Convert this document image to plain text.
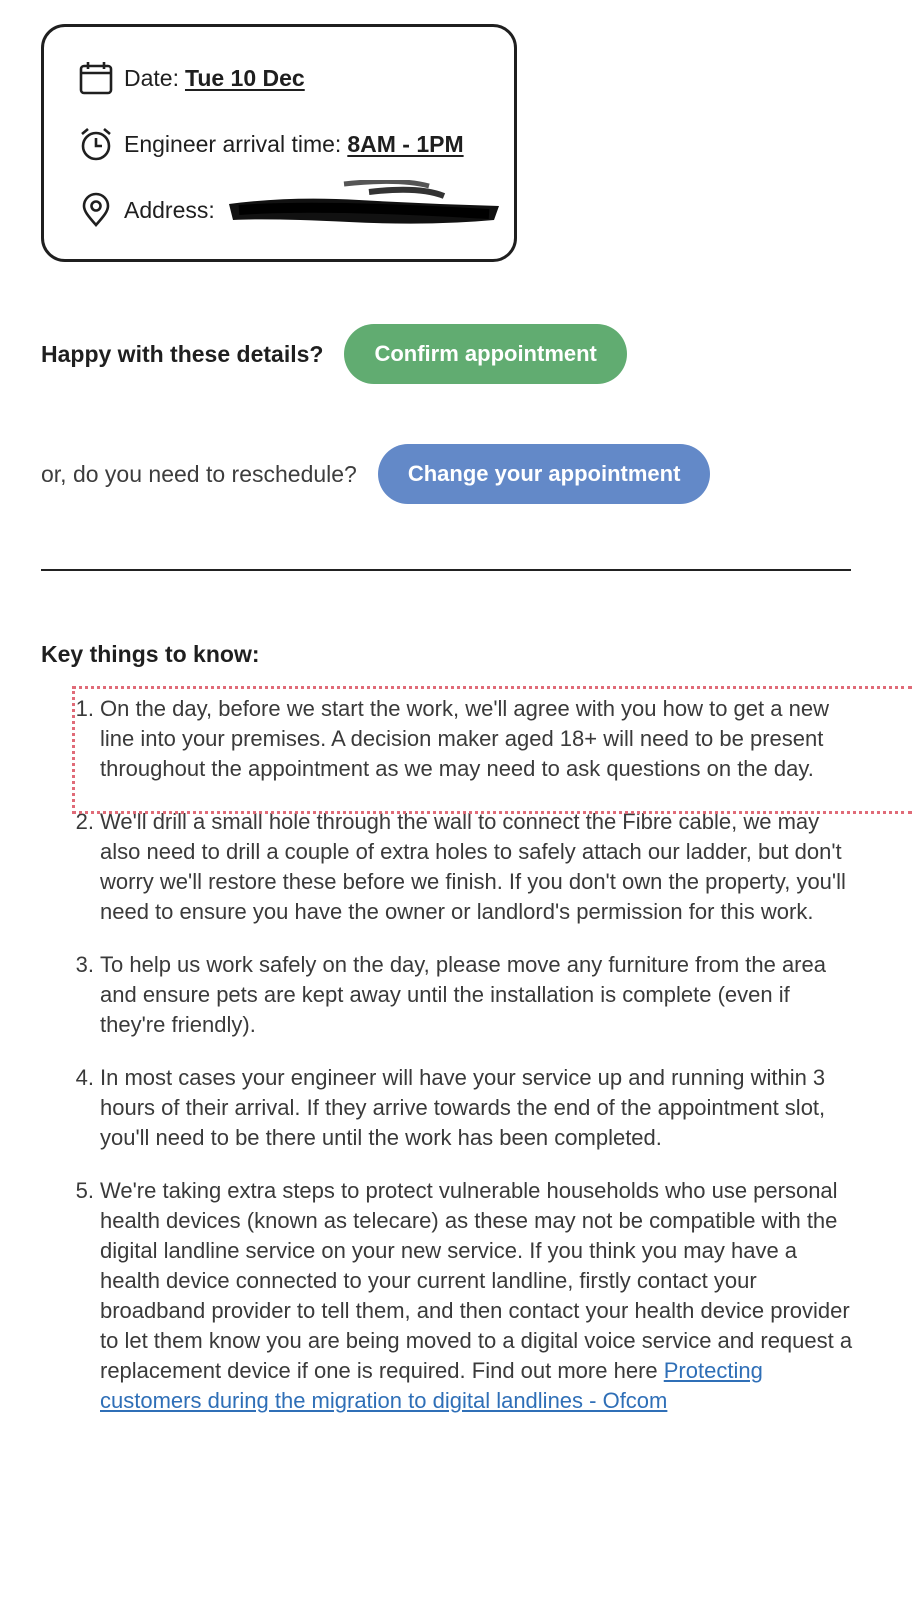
Date: Tue 10 Dec
Engineer arrival time: 8AM - 1PM
Address:
Happy with these details?	Confirm appointment
or, do you need to reschedule?	Change your appointment
Key things to know:
1. On the day, before we start the work, we'll agree with you how to get a new line into your premises. A decision maker aged 18+ will need to be present throughout the appointment as we may need to ask questions on the day.
2. We'll drill a small hole through the wall to connect the Fibre cable, we may also need to drill a couple of extra holes to safely attach our ladder, but don't worry we'll restore these before we finish. If you don't own the property, you'll need to ensure you have the owner or landlord's permission for this work.
3. To help us work safely on the day, please move any furniture from the area and ensure pets are kept away until the installation is complete (even if they're friendly).
4. In most cases your engineer will have your service up and running within 3 hours of their arrival. If they arrive towards the end of the appointment slot, you'll need to be there until the work has been completed.
5. We're taking extra steps to protect vulnerable households who use personal health devices (known as telecare) as these may not be compatible with the digital landline service on your new service. If you think you may have a health device connected to your current landline, firstly contact your broadband provider to tell them, and then contact your health device provider to let them know you are being moved to a digital voice service and request a replacement device if one is required. Find out more here Protecting customers during the migration to digital landlines - Ofcom
